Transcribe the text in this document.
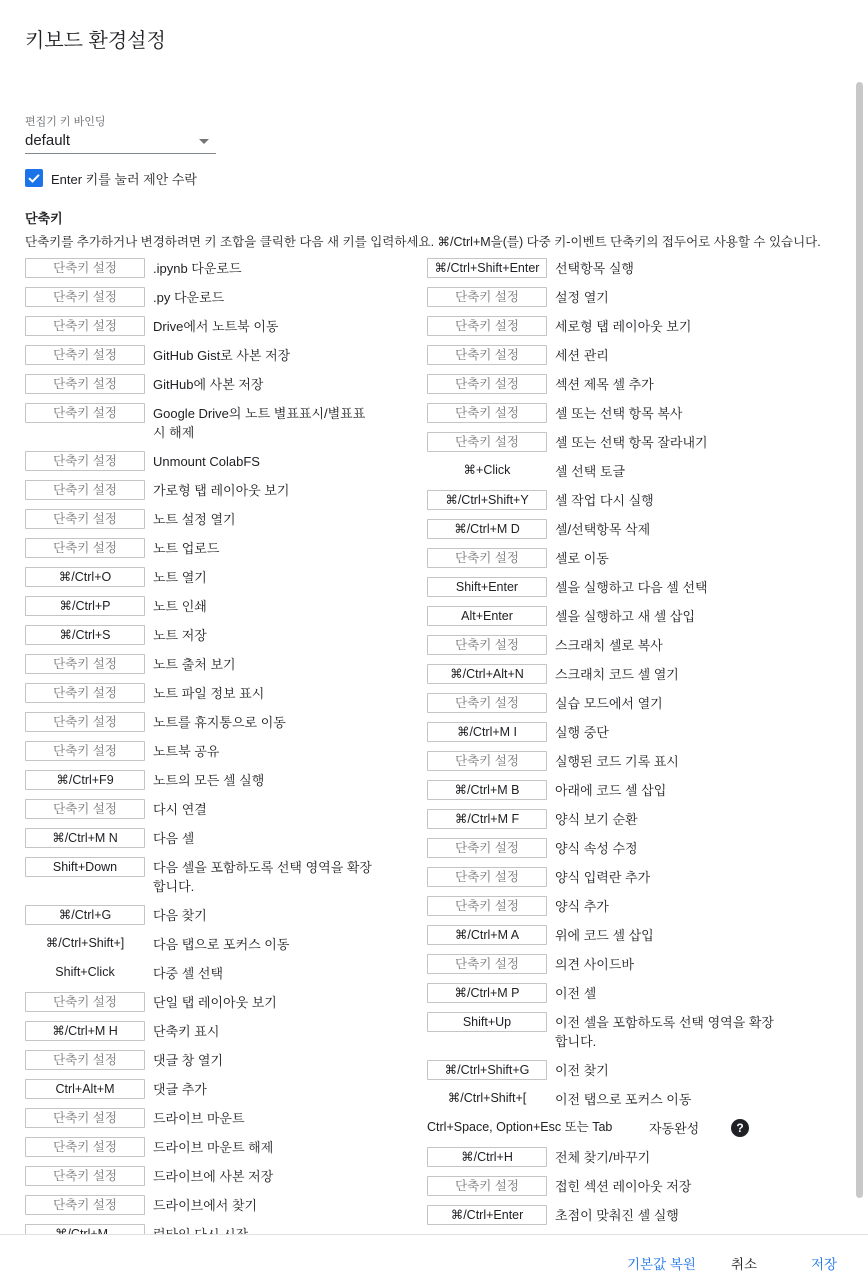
키보드 환경설정
편집기 키 바인딩
default
Enter 키를 눌러 제안 수락
단축키
단축키를 추가하거나 변경하려면 키 조합을 클릭한 다음 새 키를 입력하세요. ⌘/Ctrl+M을(를) 다중 키-이벤트 단축키의 접두어로 사용할 수 있습니다.
단축키 설정	.ipynb 다운로드
단축키 설정	.py 다운로드
단축키 설정	Drive에서 노트북 이동
단축키 설정	GitHub Gist로 사본 저장
단축키 설정	GitHub에 사본 저장
단축키 설정	Google Drive의 노트 별표표시/별표표시 해제
단축키 설정	Unmount ColabFS
단축키 설정	가로형 탭 레이아웃 보기
단축키 설정	노트 설정 열기
단축키 설정	노트 업로드
⌘/Ctrl+O	노트 열기
⌘/Ctrl+P	노트 인쇄
⌘/Ctrl+S	노트 저장
단축키 설정	노트 출처 보기
단축키 설정	노트 파일 정보 표시
단축키 설정	노트를 휴지통으로 이동
단축키 설정	노트북 공유
⌘/Ctrl+F9	노트의 모든 셀 실행
단축키 설정	다시 연결
⌘/Ctrl+M N	다음 셀
Shift+Down	다음 셀을 포함하도록 선택 영역을 확장합니다.
⌘/Ctrl+G	다음 찾기
⌘/Ctrl+Shift+]	다음 탭으로 포커스 이동
Shift+Click	다중 셀 선택
단축키 설정	단일 탭 레이아웃 보기
⌘/Ctrl+M H	단축키 표시
단축키 설정	댓글 창 열기
Ctrl+Alt+M	댓글 추가
단축키 설정	드라이브 마운트
단축키 설정	드라이브 마운트 해제
단축키 설정	드라이브에 사본 저장
단축키 설정	드라이브에서 찾기
⌘/Ctrl+Shift+Enter	선택항목 실행
단축키 설정	설정 열기
단축키 설정	세로형 탭 레이아웃 보기
단축키 설정	세션 관리
단축키 설정	섹션 제목 셀 추가
단축키 설정	셀 또는 선택 항목 복사
단축키 설정	셀 또는 선택 항목 잘라내기
⌘+Click	셀 선택 토글
⌘/Ctrl+Shift+Y	셀 작업 다시 실행
⌘/Ctrl+M D	셀/선택항목 삭제
단축키 설정	셀로 이동
Shift+Enter	셀을 실행하고 다음 셀 선택
Alt+Enter	셀을 실행하고 새 셀 삽입
단축키 설정	스크래치 셀로 복사
⌘/Ctrl+Alt+N	스크래치 코드 셀 열기
단축키 설정	실습 모드에서 열기
⌘/Ctrl+M I	실행 중단
단축키 설정	실행된 코드 기록 표시
⌘/Ctrl+M B	아래에 코드 셀 삽입
⌘/Ctrl+M F	양식 보기 순환
단축키 설정	양식 속성 수정
단축키 설정	양식 입력란 추가
단축키 설정	양식 추가
⌘/Ctrl+M A	위에 코드 셀 삽입
단축키 설정	의견 사이드바
⌘/Ctrl+M P	이전 셀
Shift+Up	이전 셀을 포함하도록 선택 영역을 확장합니다.
⌘/Ctrl+Shift+G	이전 찾기
⌘/Ctrl+Shift+[	이전 탭으로 포커스 이동
Ctrl+Space, Option+Esc 또는 Tab	자동완성	?
⌘/Ctrl+H	전체 찾기/바꾸기
단축키 설정	접힌 섹션 레이아웃 저장
⌘/Ctrl+Enter	초점이 맞춰진 셀 실행
기본값 복원	취소	저장
